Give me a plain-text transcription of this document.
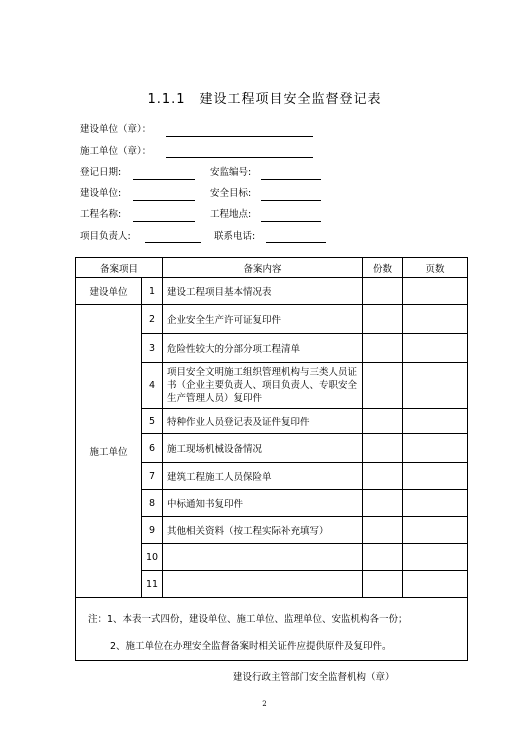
1.1.1　建设工程项目安全监督登记表
建设单位（章）：
施工单位（章）：
登记日期:	安监编号:
建设单位:	安全目标:
工程名称:	工程地点:
项目负责人:	联系电话:
备案项目		备案内容	份数	页数
建设单位	1	建设工程项目基本情况表		
施工单位	2	企业安全生产许可证复印件		
	3	危险性较大的分部分项工程清单		
	4	项目安全文明施工组织管理机构与三类人员证书（企业主要负责人、项目负责人、专职安全生产管理人员）复印件		
	5	特种作业人员登记表及证件复印件		
	6	施工现场机械设备情况		
	7	建筑工程施工人员保险单		
	8	中标通知书复印件		
	9	其他相关资料（按工程实际补充填写）		
	10			
	11			

注：1、本表一式四份，建设单位、施工单位、监理单位、安监机构各一份；
2、施工单位在办理安全监督备案时相关证件应提供原件及复印件。				
建设行政主管部门安全监督机构（章）
2
